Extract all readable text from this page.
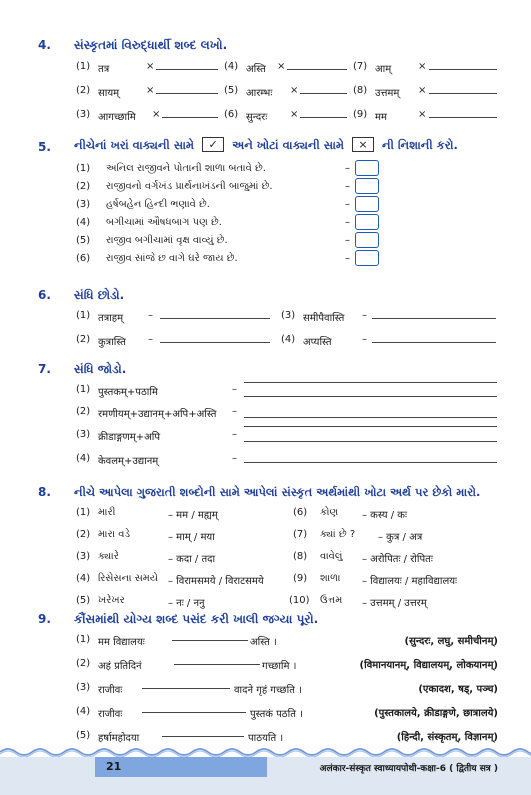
4. સંસ્કૃતમાં વિરુદ્ધાર્થી શબ્દ લખો.
(1) तत्र	×	(4) अस्ति ×	(7) आम्	×
(2) सायम्	×	(5) आरम्भः ×	(8) उत्तमम् ×
(3) आगच्छामि ×	(6) सुन्दरः ×	(9) मम	×
5. નીચેનાં ખરાં વાક્યની સામે ✓ અને ખોટાં વાક્યની સામે × ની નિશાની કરો.
(1) અનિલ રાજીવને પોતાની શાળા બતાવે છે.	–
(2) રાજીવનો વર્ગખંડ પ્રાર્થનાખંડની બાજુમાં છે.	–
(3) હર્ષબહેન હિન્દી ભણાવે છે.	–
(4) બગીચામાં ઔષધબાગ પણ છે.	–
(5) રાજીવ બગીચામાં વૃક્ષ વાવ્યું છે.	–
(6) રાજીવ સાંજે છ વાગે ઘરે જાય છે.	–
6. સંધિ છોડો.
(1) तत्राहम् –	(3) समीपैवास्ति –
(2) कुत्रास्ति –	(4) अप्यस्ति	–
7. સંધિ જોડો.
(1) पुस्तकम्+पठामि	–
(2) रमणीयम्+उद्यानम्+अपि+अस्ति –
(3) क्रीडाङ्गणम्+अपि	–
(4) केवलम्+उद्यानम्	–
8. નીચે આપેલા ગુજરાતી શબ્દોની સામે આપેલાં સંસ્કૃત અર્થમાંથી ખોટા અર્થ પર છેકો મારો.
(1) મારી	– मम / मह्यम्	(6) કોણ – कस्य / कः
(2) મારા વડે	– माम् / मया	(7) ક્યાં છે ? – कुत्र / अत्र
(3) ક્યારે	– कदा / तदा	(8) વાવેલું – अरोपितः / रोपितः
(4) રિસેસના સમયે – विरामसमये / विराटसमये	(9) શાળા – विद्यालयः / महाविद्यालयः
(5) ખરેખર	– नः / ननु	(10) ઉત્તમ – उत्तमम् / उत्तरम्
9. કૌંસમાંથી યોગ્ય શબ્દ પસંદ કરી ખાલી જગ્યા પૂરો.
(1) मम विद्यालयः	अस्ति ।	(सुन्दरः, लघु, समीचीनम्)
(2) अहं प्रतिदिनं	गच्छामि ।	(विमानयानम्, विद्यालयम्, लोकयानम्)
(3) राजीवः	वादने गृहं गच्छति ।	(एकादश, षड्, पञ्च)
(4) राजीवः	पुस्तकं पठति ।	(पुस्तकालये, क्रीडाङ्गणे, छात्रालये)
(5) हर्षामहोदया	पाठयति ।	(हिन्दी, संस्कृतम्, विज्ञानम्)
21	अलंकार-संस्कृत स्वाध्यायपोथी-कक्षा-6 ( द्वितीय सत्र )
